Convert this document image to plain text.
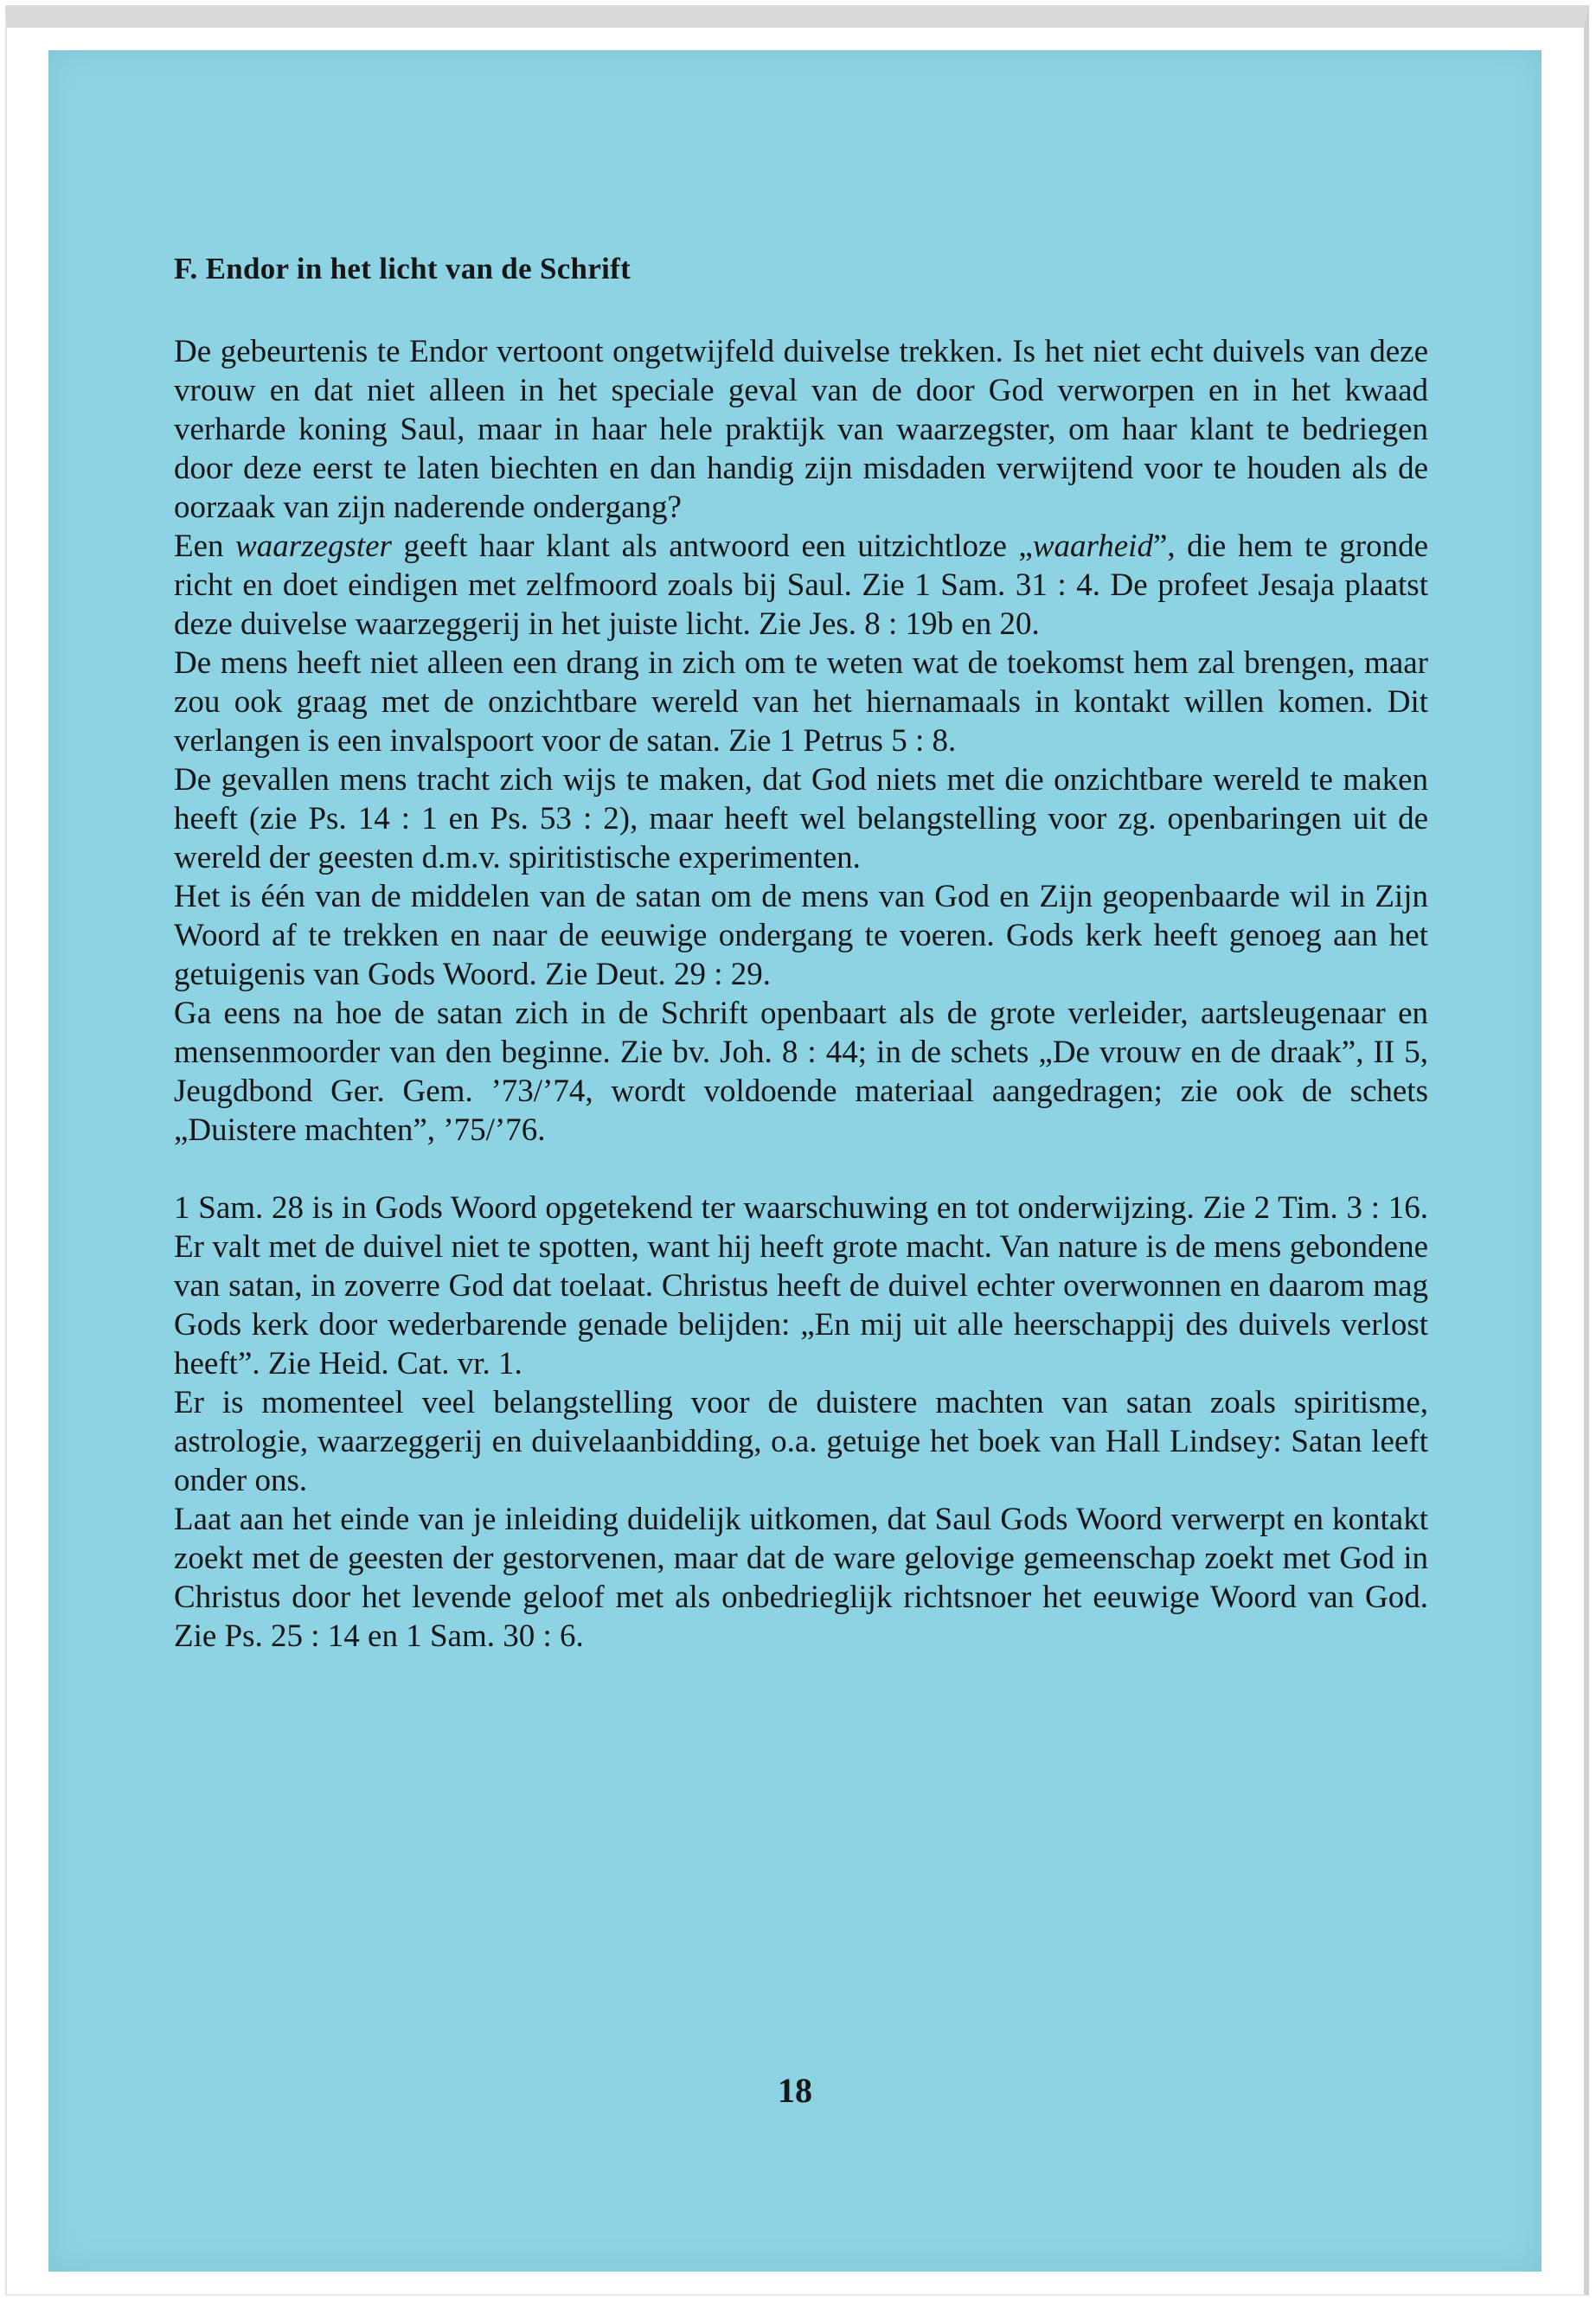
F. Endor in het licht van de Schrift

De gebeurtenis te Endor vertoont ongetwijfeld duivelse trekken. Is het niet echt duivels van deze vrouw en dat niet alleen in het speciale geval van de door God verworpen en in het kwaad verharde koning Saul, maar in haar hele praktijk van waarzegster, om haar klant te bedriegen door deze eerst te laten biechten en dan handig zijn misdaden verwijtend voor te houden als de oorzaak van zijn naderende ondergang?

Een waarzegster geeft haar klant als antwoord een uitzichtloze „waarheid”, die hem te gronde richt en doet eindigen met zelfmoord zoals bij Saul. Zie 1 Sam. 31 : 4. De profeet Jesaja plaatst deze duivelse waarzeggerij in het juiste licht. Zie Jes. 8 : 19b en 20.

De mens heeft niet alleen een drang in zich om te weten wat de toekomst hem zal brengen, maar zou ook graag met de onzichtbare wereld van het hiernamaals in kontakt willen komen. Dit verlangen is een invalspoort voor de satan. Zie 1 Petrus 5 : 8.

De gevallen mens tracht zich wijs te maken, dat God niets met die onzichtbare wereld te maken heeft (zie Ps. 14 : 1 en Ps. 53 : 2), maar heeft wel belangstelling voor zg. openbaringen uit de wereld der geesten d.m.v. spiritistische experimenten.

Het is één van de middelen van de satan om de mens van God en Zijn geopenbaarde wil in Zijn Woord af te trekken en naar de eeuwige ondergang te voeren. Gods kerk heeft genoeg aan het getuigenis van Gods Woord. Zie Deut. 29 : 29.

Ga eens na hoe de satan zich in de Schrift openbaart als de grote verleider, aartsleugenaar en mensenmoorder van den beginne. Zie bv. Joh. 8 : 44; in de schets „De vrouw en de draak”, II 5, Jeugdbond Ger. Gem. ’73/’74, wordt voldoende materiaal aangedragen; zie ook de schets „Duistere machten”, ’75/’76.

1 Sam. 28 is in Gods Woord opgetekend ter waarschuwing en tot onderwijzing. Zie 2 Tim. 3 : 16. Er valt met de duivel niet te spotten, want hij heeft grote macht. Van nature is de mens gebondene van satan, in zoverre God dat toelaat. Christus heeft de duivel echter overwonnen en daarom mag Gods kerk door wederbarende genade belijden: „En mij uit alle heerschappij des duivels verlost heeft”. Zie Heid. Cat. vr. 1.

Er is momenteel veel belangstelling voor de duistere machten van satan zoals spiritisme, astrologie, waarzeggerij en duivelaanbidding, o.a. getuige het boek van Hall Lindsey: Satan leeft onder ons.

Laat aan het einde van je inleiding duidelijk uitkomen, dat Saul Gods Woord verwerpt en kontakt zoekt met de geesten der gestorvenen, maar dat de ware gelovige gemeenschap zoekt met God in Christus door het levende geloof met als onbedrieglijk richtsnoer het eeuwige Woord van God. Zie Ps. 25 : 14 en 1 Sam. 30 : 6.

18
